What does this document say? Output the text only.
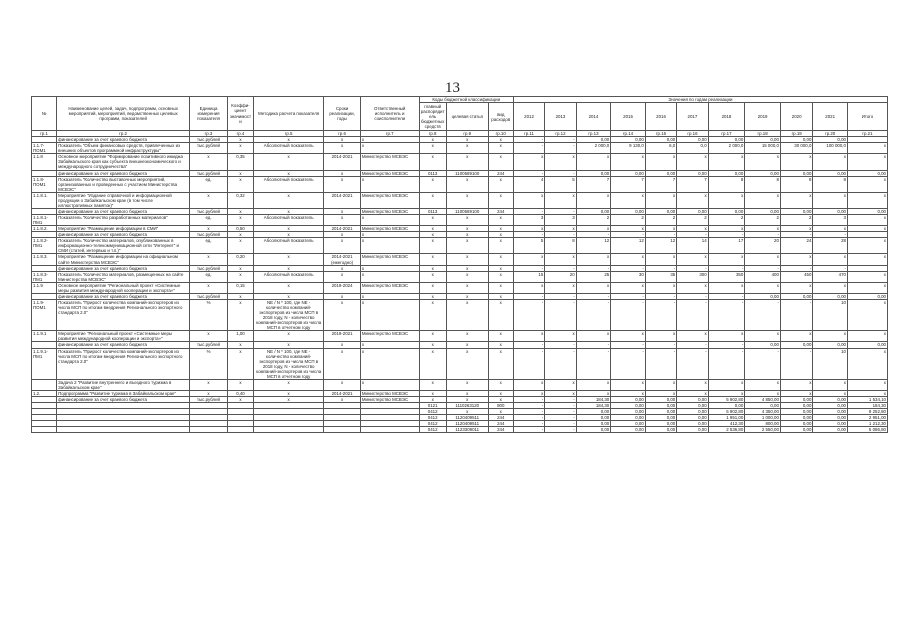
13
№	Наименование целей, задач, подпрограмм, основных мероприятий, мероприятий, ведомственных целевых программ, показателей	Единица измерения показателя	Коэффи-циент значимости	Методика расчета показателя	Сроки реализации, годы	Ответственный исполнитель и соисполнители	Коды бюджетной классификации			Значения по годам реализации										
							главный распорядитель бюджетных средств	целевая статья	вид расходов	2012	2013	2014	2015	2016	2017	2018	2019	2020	2021	Итого
гр.1	гр.2	гр.3	гр.4	гр.5	гр.6	гр.7	гр.8	гр.9	гр.10	гр.11	гр.12	гр.13	гр.14	гр.15	гр.16	гр.17	гр.18	гр.19	гр.20	гр.21
	финансирование за счет краевого бюджета	тыс.рублей	х	х	х	х	х	х	х	-	-	0,00	0,00	0,00	0,00	0,00	0,00	0,00	0,00	
1.1.7-ПОМ1	Показатель "Объем финансовых средств, привлеченных из внешних объектов программной инфраструктуры"	тыс.рублей	х	Абсолютный показатель	х	х	х	х	х	-	-	2 000,0	9 130,0	6,0	0,0	2 000,0	15 000,0	30 000,0	100 000,0	х
1.1.8	Основное мероприятие "Формирование позитивного имиджа Забайкальского края как субъекта внешнеэкономического и международного сотрудничества"	х	0,35	х	2014-2021	Министерство МСВЭС	х	х	х	х	х	х	х	х	х	х	х	х	х	х
	финансирование за счет краевого бюджета	тыс.рублей	х	х	х	Министерство МСВЭС	0113	1100589100	244	-	-	0,00	0,00	0,00	0,00	0,00	0,00	0,00	0,00	0,00
1.1.8-ПОМ1	Показатель "Количество выставочных мероприятий, организованных и проведенных с участием Министерства МСВЭС"	ед.	х	Абсолютный показатель	х	х	х	х	х	4	5	7	7	7	7	8	8	8	8	х
1.1.8.1.	Мероприятие "Издание справочной и информационной продукции о Забайкальском крае (в том числе иллюстративных памяток)"	х	0,32	х	2014-2021	Министерство МСВЭС	х	х	х	х	х	х	х	х	х	х	х	х	х	х
	финансирование за счет краевого бюджета	тыс.рублей	х	х	х	Министерство МСВЭС	0113	1100589100	244	-	-	0,00	0,00	0,00	0,00	0,00	0,00	0,00	0,00	0,00
1.1.8.1-ПМ1	Показатель "Количество разработанных материалов"	ед.	х	Абсолютный показатель	х	х	х	х	х	3	3	2	2	2	2	2	2	2	3	х
1.1.8.2.	Мероприятие "Размещение информации в СМИ"	х	0,50	х	2014-2021	Министерство МСВЭС	х	х	х	х	х	х	х	х	х	х	х	х	х	х
	финансирование за счет краевого бюджета	тыс.рублей	х	х	х	х	х	х	х	-	-	-	-	-	-	-	-	-	-	
1.1.8.2-ПМ1	Показатель "Количество материалов, опубликованных в информационно-телекоммуникационной сети "Интернет" и СМИ (статей, интервью и т.п.)"	ед.	х	Абсолютный показатель	х	х	х	х	х	5	8	12	12	12	14	17	20	24	28	х
1.1.8.3.	Мероприятие "Размещение информации на официальном сайте Министерства МСВЭС"	х	0,20	х	2014-2021 (ежегодно)	Министерство МСВЭС	х	х	х	х	х	х	х	х	х	х	х	х	х	х
	финансирование за счет краевого бюджета	тыс.рублей	х	х	х	х	х	х	х	-	-	-	-	-	-	-	-	-	-	
1.1.8.3-ПМ1	Показатель "Количество материалов, размещенных на сайте Министерства МСВЭС"	ед.	х	Абсолютный показатель	х	х	х	х	х	15	20	25	30	35	300	350	400	450	470	х
1.1.9	Основное мероприятие "Региональный проект «Системные меры развития международной кооперации и экспорта»"	х	0,15	х	2019-2024	Министерство МСВЭС	х	х	х	х	х	х	х	х	х	х	х	х	х	х
	финансирование за счет краевого бюджета	тыс.рублей	х	х	х	х	х	х	х	-	-	-	-	-	-	-	0,00	0,00	0,00	0,00
1.1.9-ПОМ1	Показатель "Прирост количества компаний-экспортеров из числа МСП по итогам внедрения Регионального экспортного стандарта 2.0"	%	х	NE / N * 100, где NE - количество компаний-экспортеров из числа МСП в 2018 году, N - количество компаний-экспортеров из числа МСП в отчетном году	х	х	х	х	х	-	-	-	-	-	-	-	-	-	10	х
1.1.9.1	Мероприятие "Региональный проект «Системные меры развития международной кооперации и экспорта»"	х	1,00	х	2019-2021	Министерство МСВЭС	х	х	х	х	х	х	х	х	х	х	х	х	х	х
	финансирование за счет краевого бюджета	тыс.рублей	х	х	х	х	х	х	х	-	-	-	-	-	-	-	0,00	0,00	0,00	0,00
1.1.9.1-ПМ1	Показатель "Прирост количества компаний-экспортеров из числа МСП по итогам внедрения Регионального экспортного стандарта 2.0"	%	х	NE / N * 100, где NE - количество компаний-экспортеров из числа МСП в 2018 году, N - количество компаний-экспортеров из числа МСП в отчетном году	х	х	х	х	х	-	-	-	-	-	-	-	-	-	10	х
	Задача 2 "Развитие внутреннего и въездного туризма в Забайкальском крае"	х	х	х	х	х	х	х	х	х	х	х	х	х	х	х	х	х	х	х
1.2.	Подпрограмма "Развитие туризма в Забайкальском крае"	х	0,40	х	2014-2021	Министерство МСВЭС	х	х	х	х	х	х	х	х	х	х	х	х	х	х
	финансирование за счет краевого бюджета	тыс.рублей	х	х	х	Министерство МСВЭС	х	х	х	-	-	184,30	0,00	0,00	0,00	5 902,80	4 850,00	0,00	0,00	1 534,10
							0121	1110263120	800	-	-	184,30	0,00	0,00	0,00	0,00	0,00	0,00	0,00	184,30
							0412	х	х	-	-	0,00	0,00	0,00	0,00	5 902,80	4 350,00	0,00	0,00	9 252,80
							0412	1120409511	244	-	-	0,00	0,00	0,00	0,00	1 951,00	1 000,00	0,00	0,00	2 951,00
							0412	1120409511	244	-	-	0,00	0,00	0,00	0,00	412,30	800,00	0,00	0,00	1 212,30
							0412	1123309011	244	-	-	0,00	0,00	0,00	0,00	2 536,80	2 550,00	0,00	0,00	5 086,80
